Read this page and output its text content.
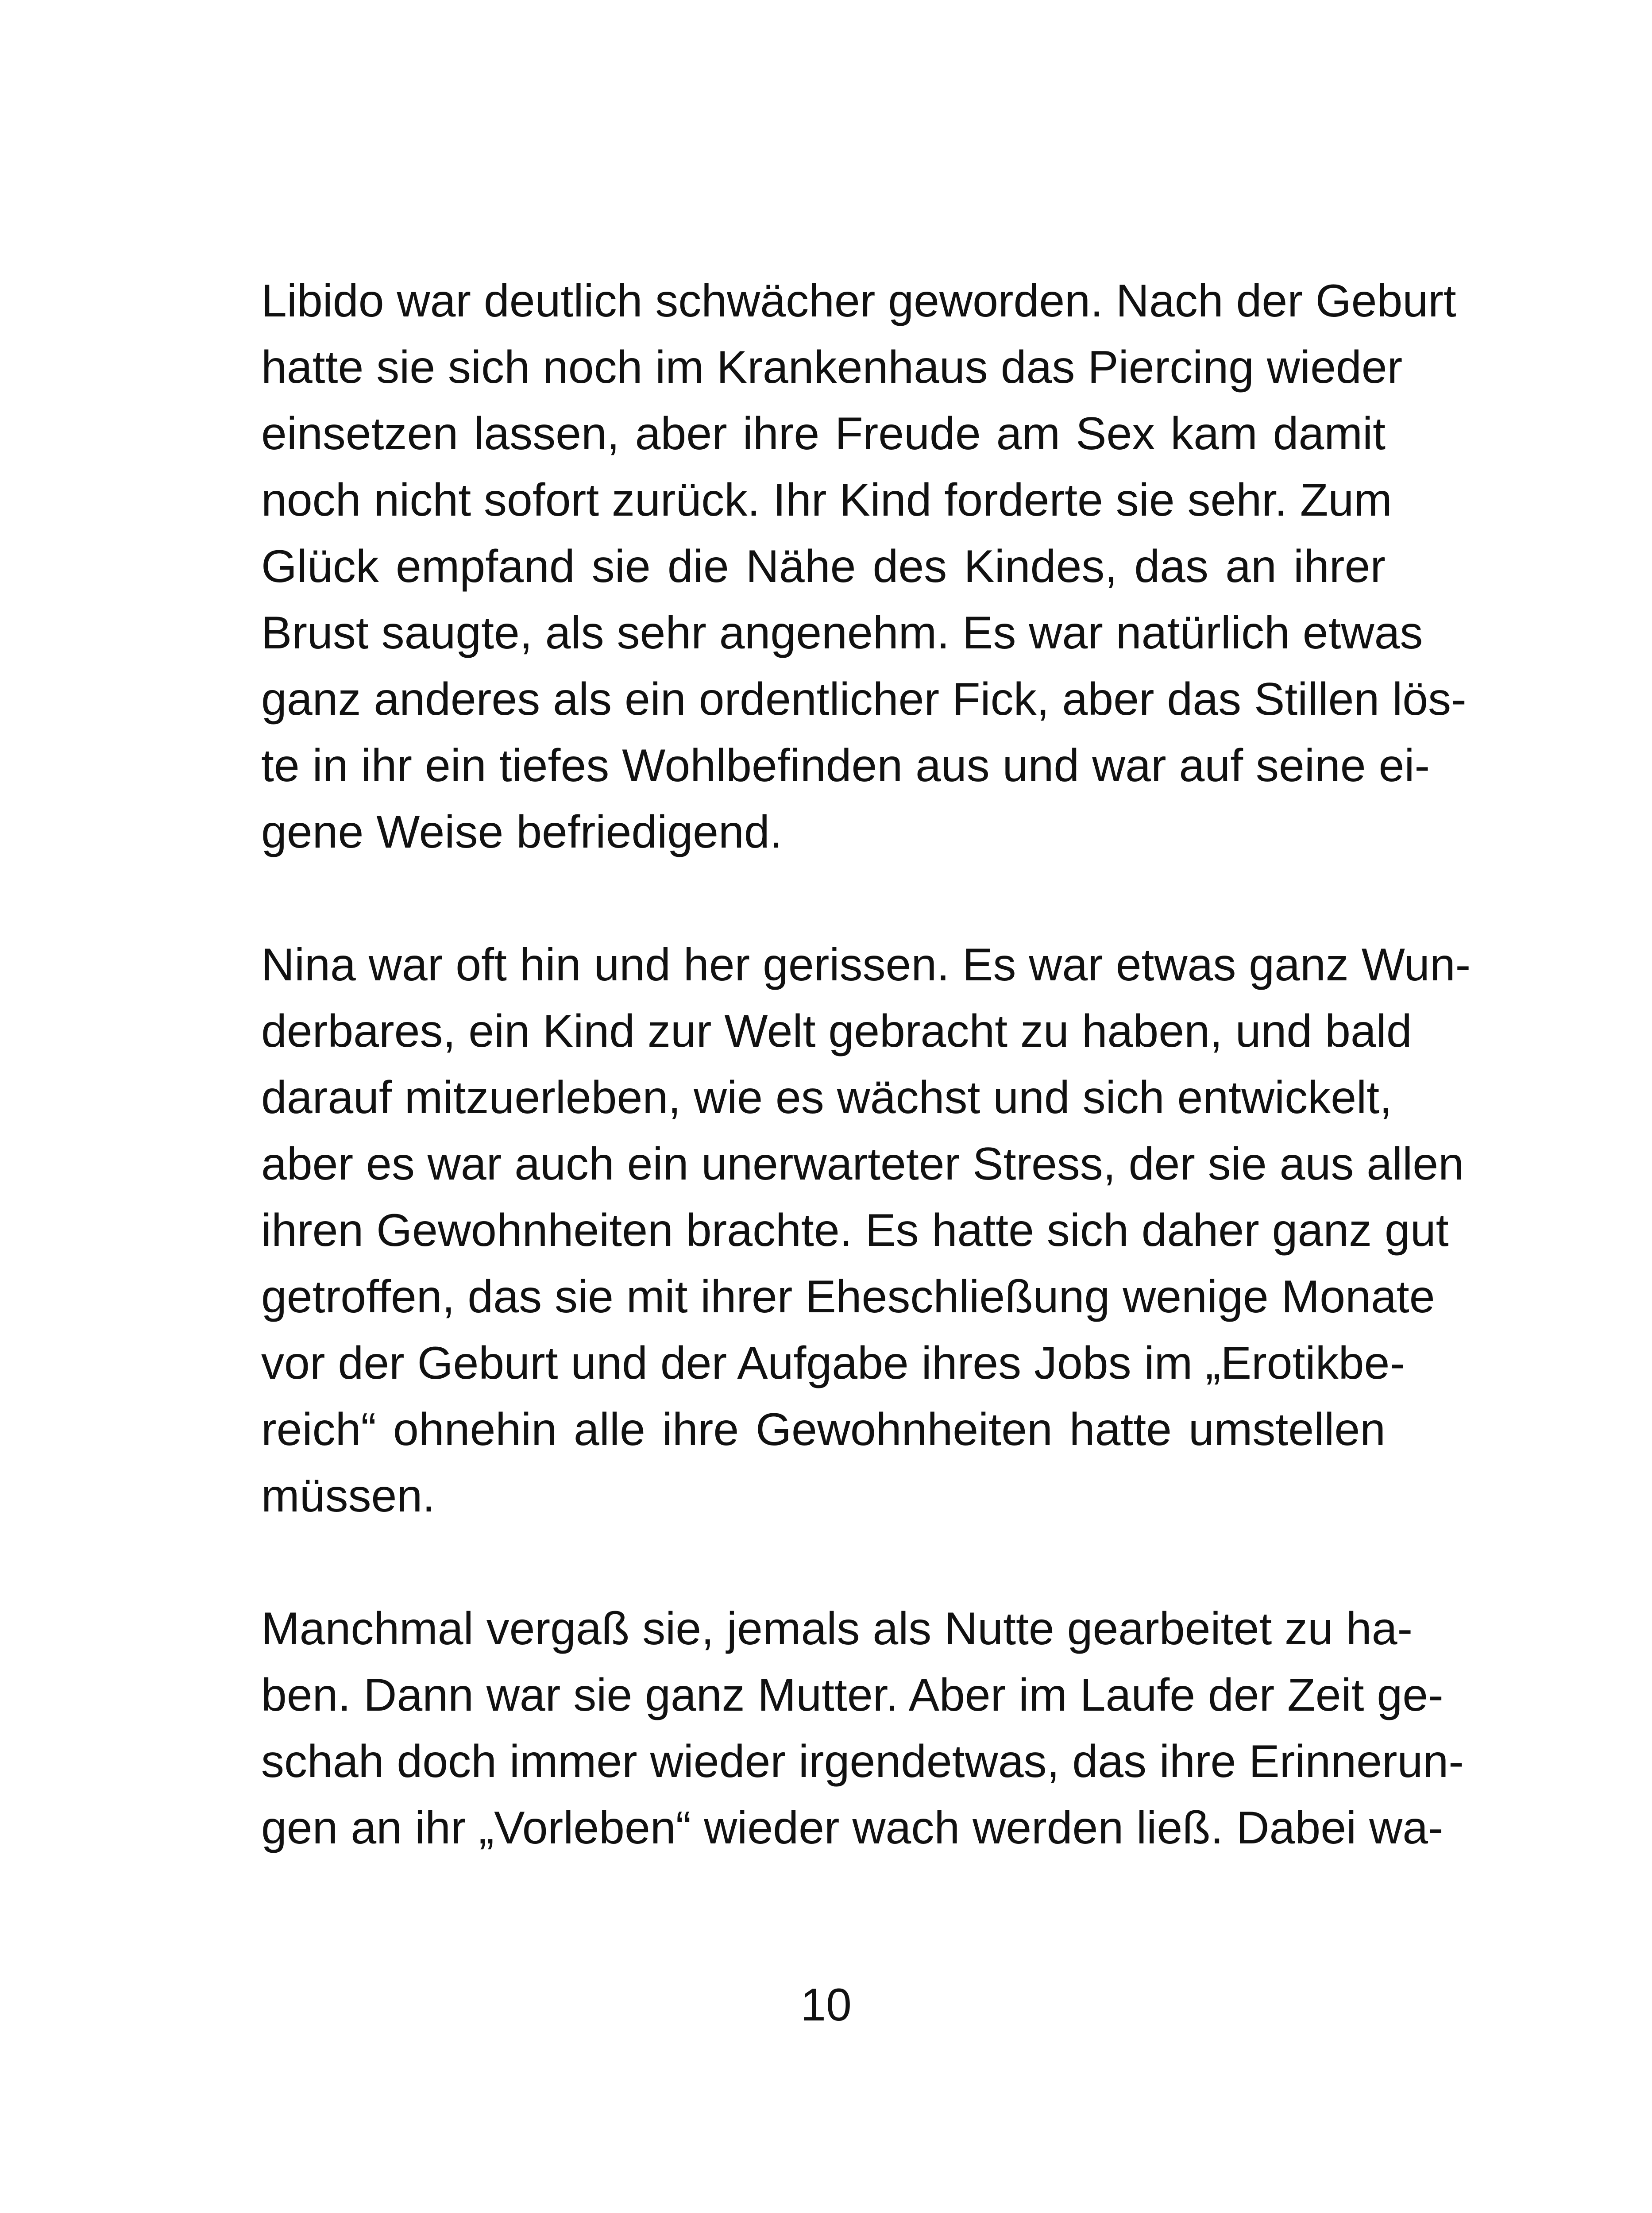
Libido war deutlich schwächer geworden. Nach der Geburt
hatte sie sich noch im Krankenhaus das Piercing wieder
einsetzen lassen, aber ihre Freude am Sex kam damit
noch nicht sofort zurück. Ihr Kind forderte sie sehr. Zum
Glück empfand sie die Nähe des Kindes, das an ihrer
Brust saugte, als sehr angenehm. Es war natürlich etwas
ganz anderes als ein ordentlicher Fick, aber das Stillen lös-
te in ihr ein tiefes Wohlbefinden aus und war auf seine ei-
gene Weise befriedigend.
Nina war oft hin und her gerissen. Es war etwas ganz Wun-
derbares, ein Kind zur Welt gebracht zu haben, und bald
darauf mitzuerleben, wie es wächst und sich entwickelt,
aber es war auch ein unerwarteter Stress, der sie aus allen
ihren Gewohnheiten brachte. Es hatte sich daher ganz gut
getroffen, das sie mit ihrer Eheschließung wenige Monate
vor der Geburt und der Aufgabe ihres Jobs im „Erotikbe-
reich“ ohnehin alle ihre Gewohnheiten hatte umstellen
müssen.
Manchmal vergaß sie, jemals als Nutte gearbeitet zu ha-
ben. Dann war sie ganz Mutter. Aber im Laufe der Zeit ge-
schah doch immer wieder irgendetwas, das ihre Erinnerun-
gen an ihr „Vorleben“ wieder wach werden ließ. Dabei wa-
10
